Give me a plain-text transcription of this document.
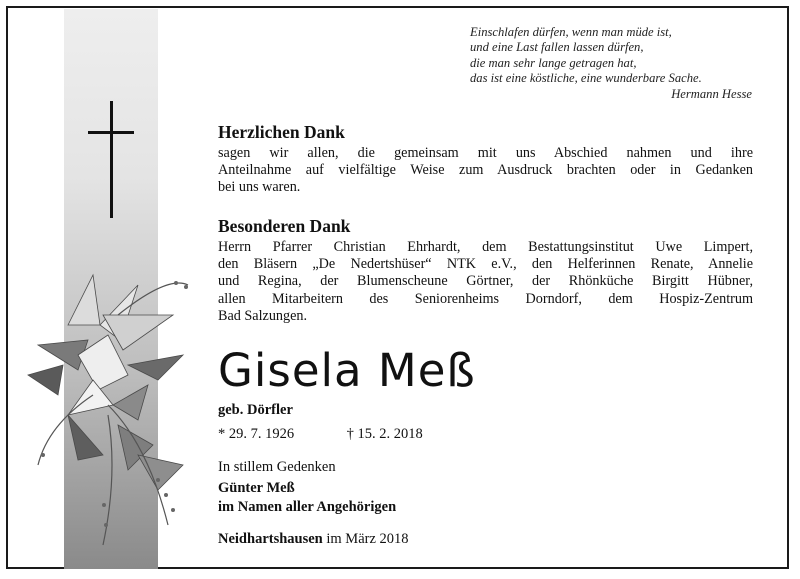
Einschlafen dürfen, wenn man müde ist,
und eine Last fallen lassen dürfen,
die man sehr lange getragen hat,
das ist eine köstliche, eine wunderbare Sache.
Hermann Hesse
Herzlichen Dank
sagen wir allen, die gemeinsam mit uns Abschied nahmen und ihre
Anteilnahme auf vielfältige Weise zum Ausdruck brachten oder in Gedanken
bei uns waren.
Besonderen Dank
Herrn Pfarrer Christian Ehrhardt, dem Bestattungsinstitut Uwe Limpert,
den Bläsern „De Nedertshüser“ NTK e.V., den Helferinnen Renate, Annelie
und Regina, der Blumenscheune Görtner, der Rhönküche Birgitt Hübner,
allen Mitarbeitern des Seniorenheims Dorndorf, dem Hospiz-Zentrum
Bad Salzungen.
Gisela Meß
geb. Dörfler
* 29. 7. 1926	† 15. 2. 2018
In stillem Gedenken
Günter Meß
im Namen aller Angehörigen
Neidhartshausen im März 2018
